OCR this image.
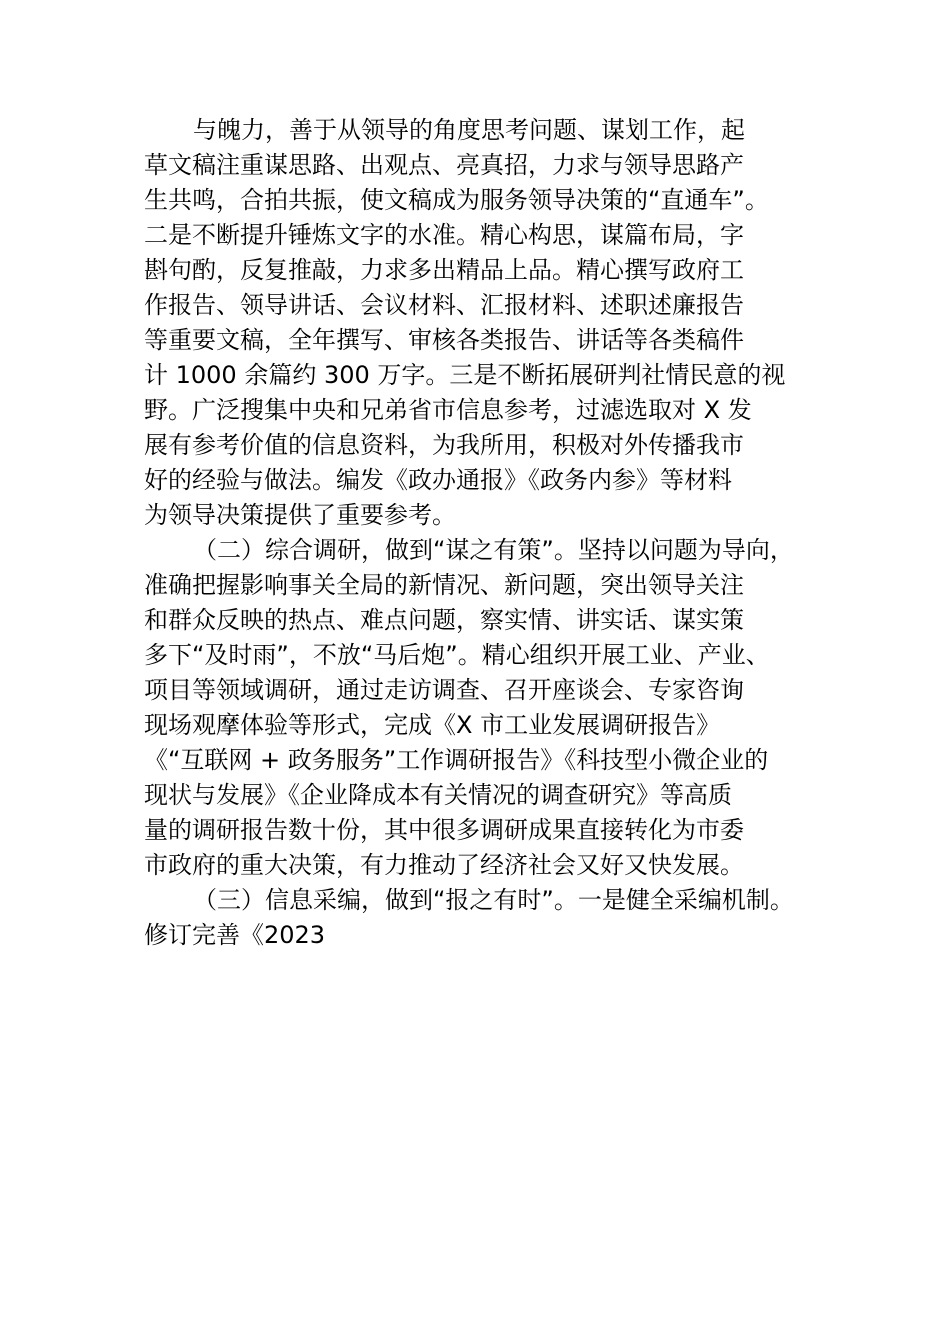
与魄力，善于从领导的角度思考问题、谋划工作，起
草文稿注重谋思路、出观点、亮真招，力求与领导思路产
生共鸣，合拍共振，使文稿成为服务领导决策的“直通车”。
二是不断提升锤炼文字的水准。精心构思，谋篇布局，字
斟句酌，反复推敲，力求多出精品上品。精心撰写政府工
作报告、领导讲话、会议材料、汇报材料、述职述廉报告
等重要文稿，全年撰写、审核各类报告、讲话等各类稿件
计 1000 余篇约 300 万字。三是不断拓展研判社情民意的视
野。广泛搜集中央和兄弟省市信息参考，过滤选取对 X 发
展有参考价值的信息资料，为我所用，积极对外传播我市
好的经验与做法。编发《政办通报》《政务内参》等材料
为领导决策提供了重要参考。
（二）综合调研，做到“谋之有策”。坚持以问题为导向，
准确把握影响事关全局的新情况、新问题，突出领导关注
和群众反映的热点、难点问题，察实情、讲实话、谋实策
多下“及时雨”，不放“马后炮”。精心组织开展工业、产业、
项目等领域调研，通过走访调查、召开座谈会、专家咨询
现场观摩体验等形式，完成《X 市工业发展调研报告》
《“互联网 + 政务服务”工作调研报告》《科技型小微企业的
现状与发展》《企业降成本有关情况的调查研究》等高质
量的调研报告数十份，其中很多调研成果直接转化为市委
市政府的重大决策，有力推动了经济社会又好又快发展。
（三）信息采编，做到“报之有时”。一是健全采编机制。
修订完善《2023
